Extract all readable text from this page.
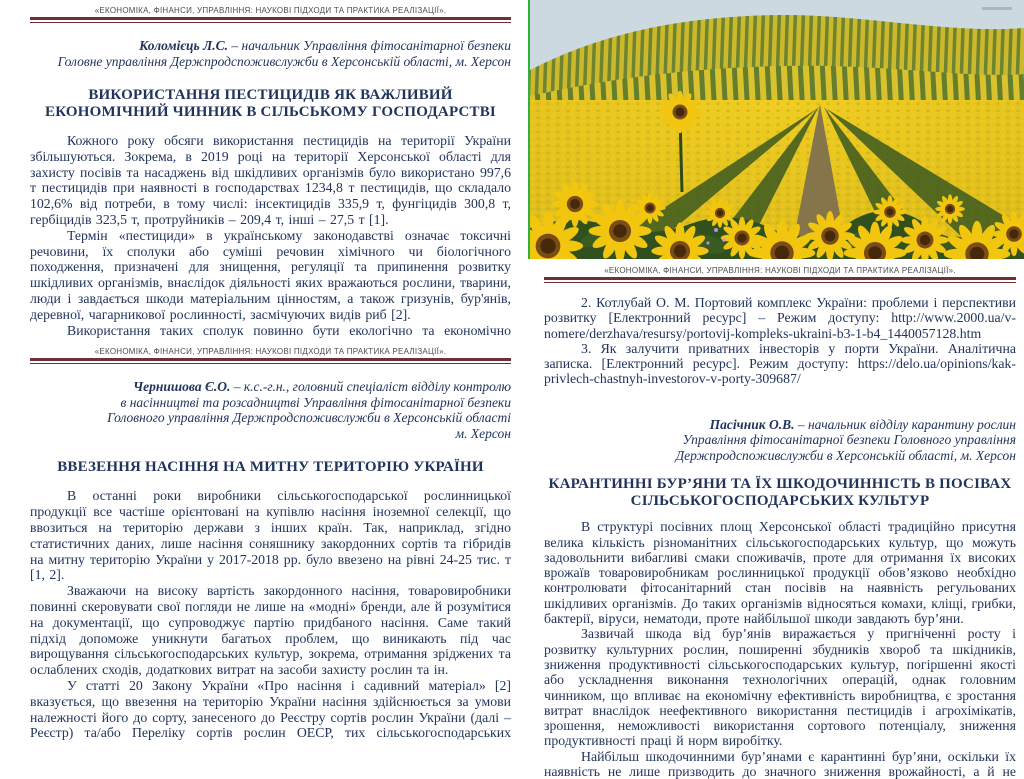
«ЕКОНОМІКА, ФІНАНСИ, УПРАВЛІННЯ: НАУКОВІ ПІДХОДИ ТА ПРАКТИКА РЕАЛІЗАЦІЇ».
Коломієць Л.С. – начальник Управління фітосанітарної безпеки
Головне управління Держпродспоживслужби в Херсонській області, м. Херсон
ВИКОРИСТАННЯ ПЕСТИЦИДІВ ЯК ВАЖЛИВИЙ
ЕКОНОМІЧНИЙ ЧИННИК В СІЛЬСЬКОМУ ГОСПОДАРСТВІ

Кожного року обсяги використання пестицидів на території України збільшуються. Зокрема, в 2019 році на території Херсонської області для захисту посівів та насаджень від шкідливих організмів було використано 997,6 т пестицидів при наявності в господарствах 1234,8 т пестицидів, що складало 102,6% від потреби, в тому числі: інсектицидів 335,9 т, фунгіцидів 300,8 т, гербіцидів 323,5 т, протруйників – 209,4 т, інші – 27,5 т [1].

Термін «пестициди» в українському законодавстві означає токсичні речовини, їх сполуки або суміші речовин хімічного чи біологічного походження, призначені для знищення, регуляції та припинення розвитку шкідливих організмів, внаслідок діяльності яких вражаються рослини, тварини, люди і завдається шкоди матеріальним цінностям, а також гризунів, бур'янів, деревної, чагарникової рослинності, засмічуючих видів риб [2].

Використання таких сполук повинно бути екологічно та економічно

«ЕКОНОМІКА, ФІНАНСИ, УПРАВЛІННЯ: НАУКОВІ ПІДХОДИ ТА ПРАКТИКА РЕАЛІЗАЦІЇ».
Чернишова Є.О. – к.с.-г.н., головний спеціаліст відділу контролю
в насінництві та розсадництві Управління фітосанітарної безпеки
Головного управління Держпродспоживслужби в Херсонській області
м. Херсон
ВВЕЗЕННЯ НАСІННЯ НА МИТНУ ТЕРИТОРІЮ УКРАЇНИ

В останні роки виробники сільськогосподарської рослинницької продукції все частіше орієнтовані на купівлю насіння іноземної селекції, що ввозиться на територію держави з інших країн. Так, наприклад, згідно статистичних даних, лише насіння соняшнику закордонних сортів та гібридів на митну територію України у 2017-2018 рр. було ввезено на рівні 24-25 тис. т [1, 2].

Зважаючи на високу вартість закордонного насіння, товаровиробники повинні скеровувати свої погляди не лише на «модні» бренди, але й розумітися на документації, що супроводжує партію придбаного насіння. Саме такий підхід допоможе уникнути багатьох проблем, що виникають під час вирощування сільськогосподарських культур, зокрема, отримання зріджених та ослаблених сходів, додаткових витрат на засоби захисту рослин та ін.

У статті 20 Закону України «Про насіння і садивний матеріал» [2] вказується, що ввезення на територію України насіння здійснюється за умови належності його до сорту, занесеного до Реєстру сортів рослин України (далі – Реєстр) та/або Переліку сортів рослин ОЕСР, тих сільськогосподарських

«ЕКОНОМІКА, ФІНАНСИ, УПРАВЛІННЯ: НАУКОВІ ПІДХОДИ ТА ПРАКТИКА РЕАЛІЗАЦІЇ».

2. Котлубай О. М. Портовий комплекс України: проблеми і перспективи розвитку [Електронний ресурс] – Режим доступу: http://www.2000.ua/v-nomere/derzhava/resursy/portovij-kompleks-ukraini-b3-1-b4_1440057128.htm

3. Як залучити приватних інвесторів у порти України. Аналітична записка. [Електронний ресурс]. Режим доступу: https://delo.ua/opinions/kak-privlech-chastnyh-investorov-v-porty-309687/

Пасічник О.В. – начальник відділу карантину рослин
Управління фітосанітарної безпеки Головного управління
Держпродспоживслужби в Херсонській області, м. Херсон
КАРАНТИННІ БУР’ЯНИ ТА ЇХ ШКОДОЧИННІСТЬ В ПОСІВАХ
СІЛЬСЬКОГОСПОДАРСЬКИХ КУЛЬТУР

В структурі посівних площ Херсонської області традиційно присутня велика кількість різноманітних сільськогосподарських культур, що можуть задовольнити вибагливі смаки споживачів, проте для отримання їх високих врожаїв товаровиробникам рослинницької продукції обов’язково необхідно контролювати фітосанітарний стан посівів на наявність регульованих шкідливих організмів. До таких організмів відносяться комахи, кліщі, грибки, бактерії, віруси, нематоди, проте найбільшої шкоди завдають бур’яни.

Зазвичай шкода від бур’янів виражається у пригніченні росту і розвитку культурних рослин, поширенні збудників хвороб та шкідників, зниження продуктивності сільськогосподарських культур, погіршенні якості або ускладнення виконання технологічних операцій, однак головним чинником, що впливає на економічну ефективність виробництва, є зростання витрат внаслідок неефективного використання пестицидів і агрохімікатів, зрошення, неможливості використання сортового потенціалу, зниження продуктивності праці й норм виробітку.

Найбільш шкодочинними бур’янами є карантинні бур’яни, оскільки їх наявність не лише призводить до значного зниження врожайності, а й не
